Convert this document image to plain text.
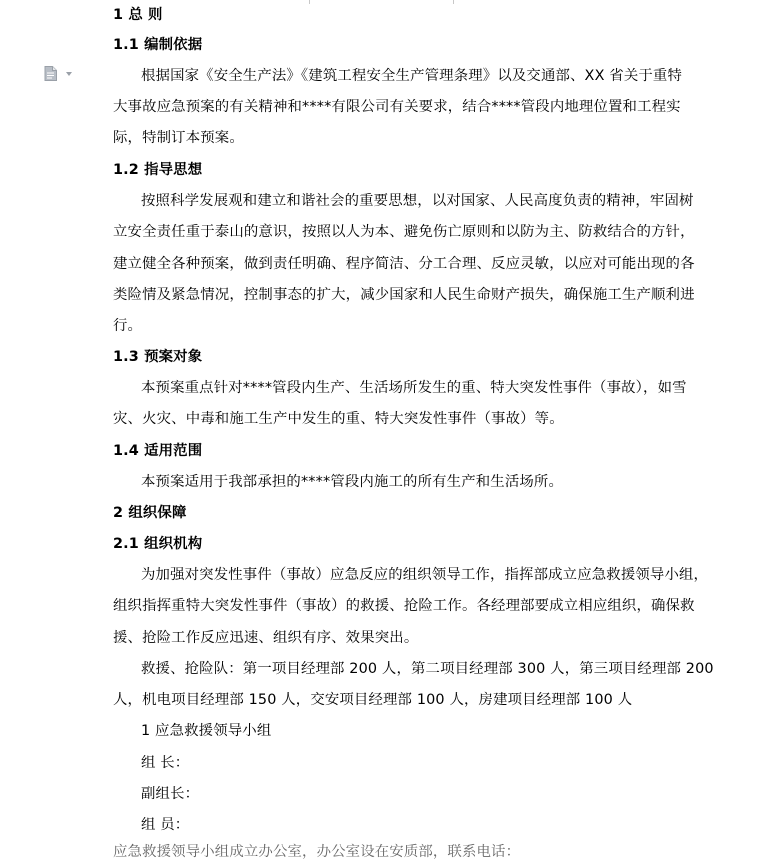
1 总 则
1.1 编制依据
根据国家《安全生产法》《建筑工程安全生产管理条理》以及交通部、XX 省关于重特
大事故应急预案的有关精神和****有限公司有关要求，结合****管段内地理位置和工程实
际，特制订本预案。
1.2 指导思想
按照科学发展观和建立和谐社会的重要思想，以对国家、人民高度负责的精神，牢固树
立安全责任重于泰山的意识，按照以人为本、避免伤亡原则和以防为主、防救结合的方针，
建立健全各种预案，做到责任明确、程序简洁、分工合理、反应灵敏，以应对可能出现的各
类险情及紧急情况，控制事态的扩大，减少国家和人民生命财产损失，确保施工生产顺利进
行。
1.3 预案对象
本预案重点针对****管段内生产、生活场所发生的重、特大突发性事件（事故），如雪
灾、火灾、中毒和施工生产中发生的重、特大突发性事件（事故）等。
1.4 适用范围
本预案适用于我部承担的****管段内施工的所有生产和生活场所。
2 组织保障
2.1 组织机构
为加强对突发性事件（事故）应急反应的组织领导工作，指挥部成立应急救援领导小组，
组织指挥重特大突发性事件（事故）的救援、抢险工作。各经理部要成立相应组织，确保救
援、抢险工作反应迅速、组织有序、效果突出。
救援、抢险队：第一项目经理部 200 人，第二项目经理部 300 人，第三项目经理部 200
人，机电项目经理部 150 人，交安项目经理部 100 人，房建项目经理部 100 人
1 应急救援领导小组
组 长：
副组长：
组 员：
应急救援领导小组成立办公室，办公室设在安质部，联系电话：
